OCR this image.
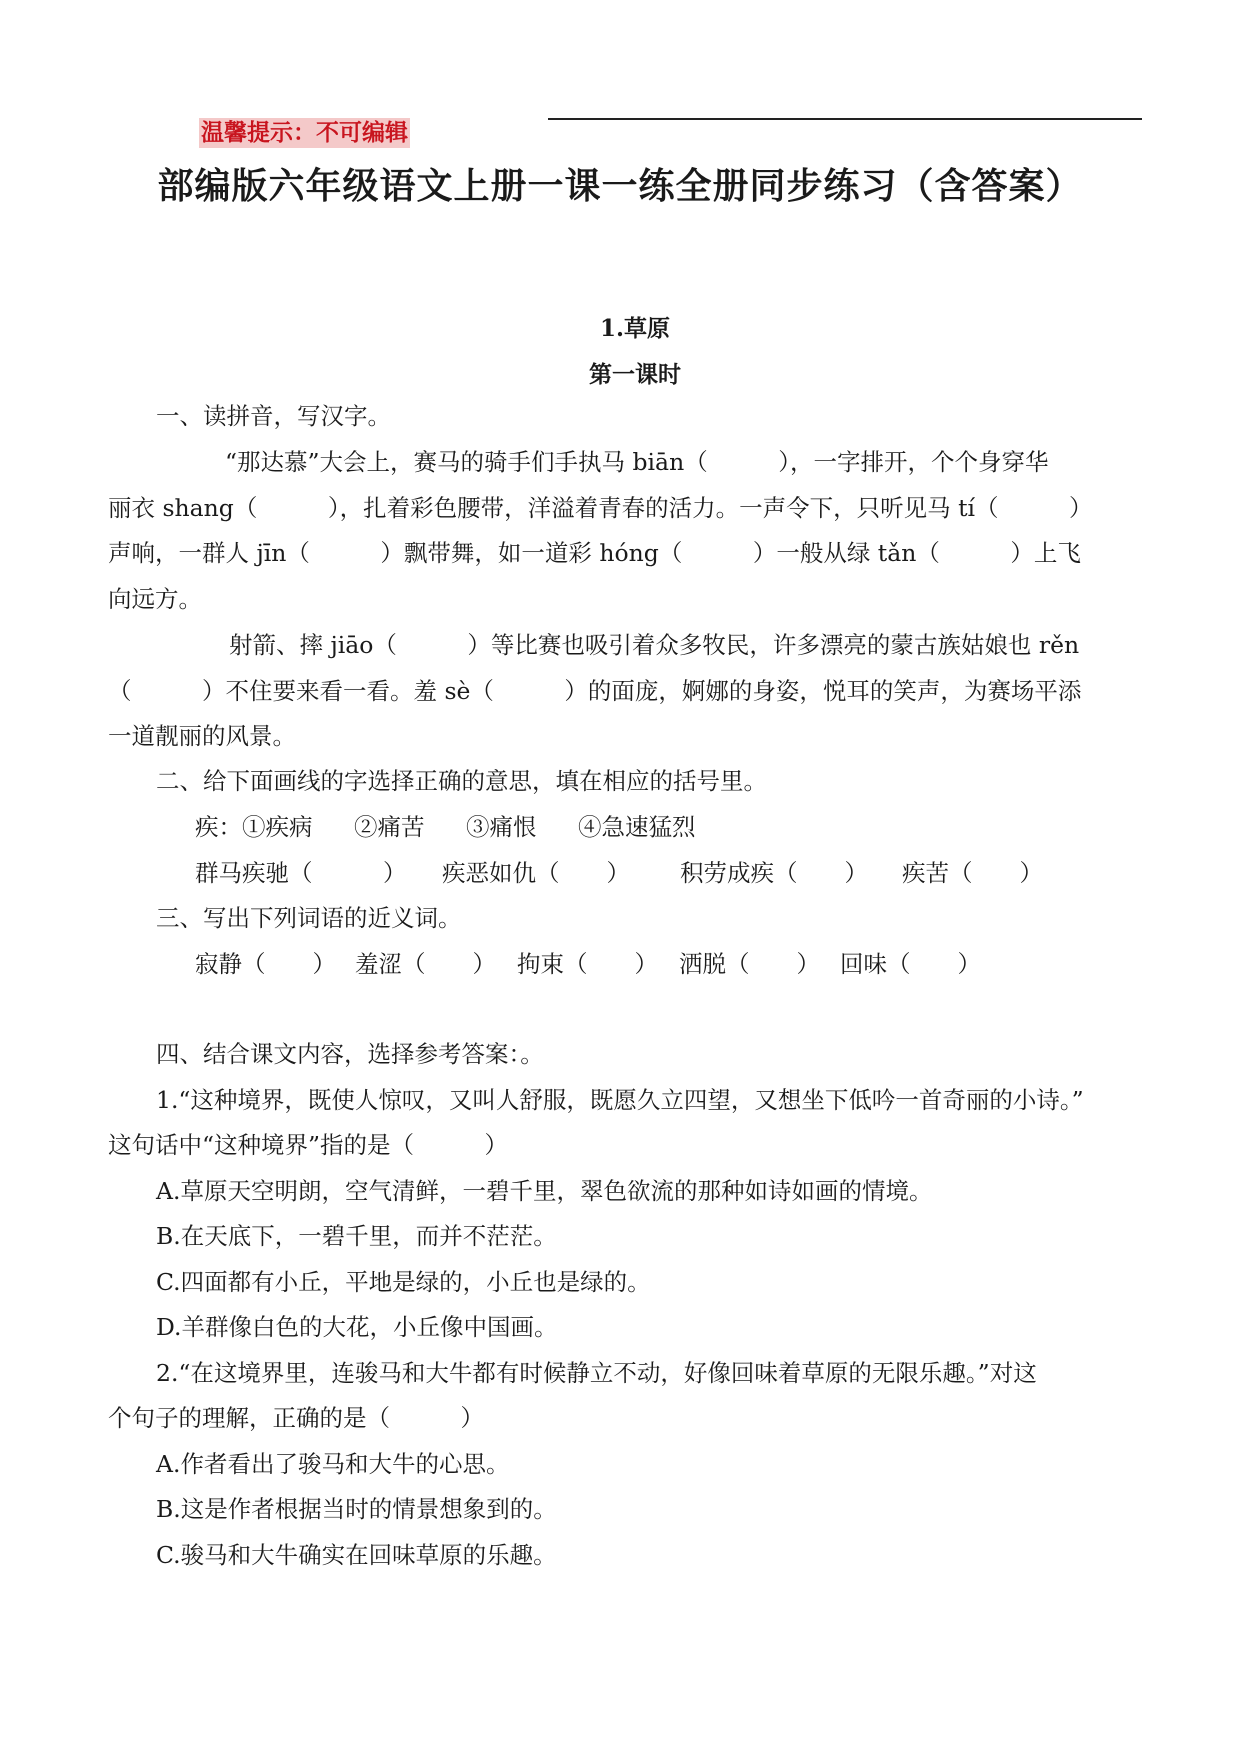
温馨提示：不可编辑
部编版六年级语文上册一课一练全册同步练习（含答案）
1.草原
第一课时
一、读拼音，写汉字。
“那达慕”大会上，赛马的骑手们手执马 biān（　　　），一字排开，个个身穿华
丽衣 shang（　　　），扎着彩色腰带，洋溢着青春的活力。一声令下，只听见马 tí（　　　）
声响，一群人 jīn（　　　）飘带舞，如一道彩 hóng（　　　）一般从绿 tǎn（　　　）上飞
向远方。
射箭、摔 jiāo（　　　）等比赛也吸引着众多牧民，许多漂亮的蒙古族姑娘也 rěn
（　　　）不住要来看一看。羞 sè（　　　）的面庞，婀娜的身姿，悦耳的笑声，为赛场平添
一道靓丽的风景。
二、给下面画线的字选择正确的意思，填在相应的括号里。
疾：①疾病 ②痛苦 ③痛恨 ④急速猛烈
群马疾驰（　　　） 疾恶如仇（　　） 积劳成疾（　　） 疾苦（　　）
三、写出下列词语的近义词。
寂静（　　） 羞涩（　　） 拘束（　　） 洒脱（　　） 回味（　　）
四、结合课文内容，选择参考答案：。
1.“这种境界，既使人惊叹，又叫人舒服，既愿久立四望，又想坐下低吟一首奇丽的小诗。”
这句话中“这种境界”指的是（　　　）
A.草原天空明朗，空气清鲜，一碧千里，翠色欲流的那种如诗如画的情境。
B.在天底下，一碧千里，而并不茫茫。
C.四面都有小丘，平地是绿的，小丘也是绿的。
D.羊群像白色的大花，小丘像中国画。
2.“在这境界里，连骏马和大牛都有时候静立不动，好像回味着草原的无限乐趣。”对这
个句子的理解，正确的是（　　　）
A.作者看出了骏马和大牛的心思。
B.这是作者根据当时的情景想象到的。
C.骏马和大牛确实在回味草原的乐趣。
